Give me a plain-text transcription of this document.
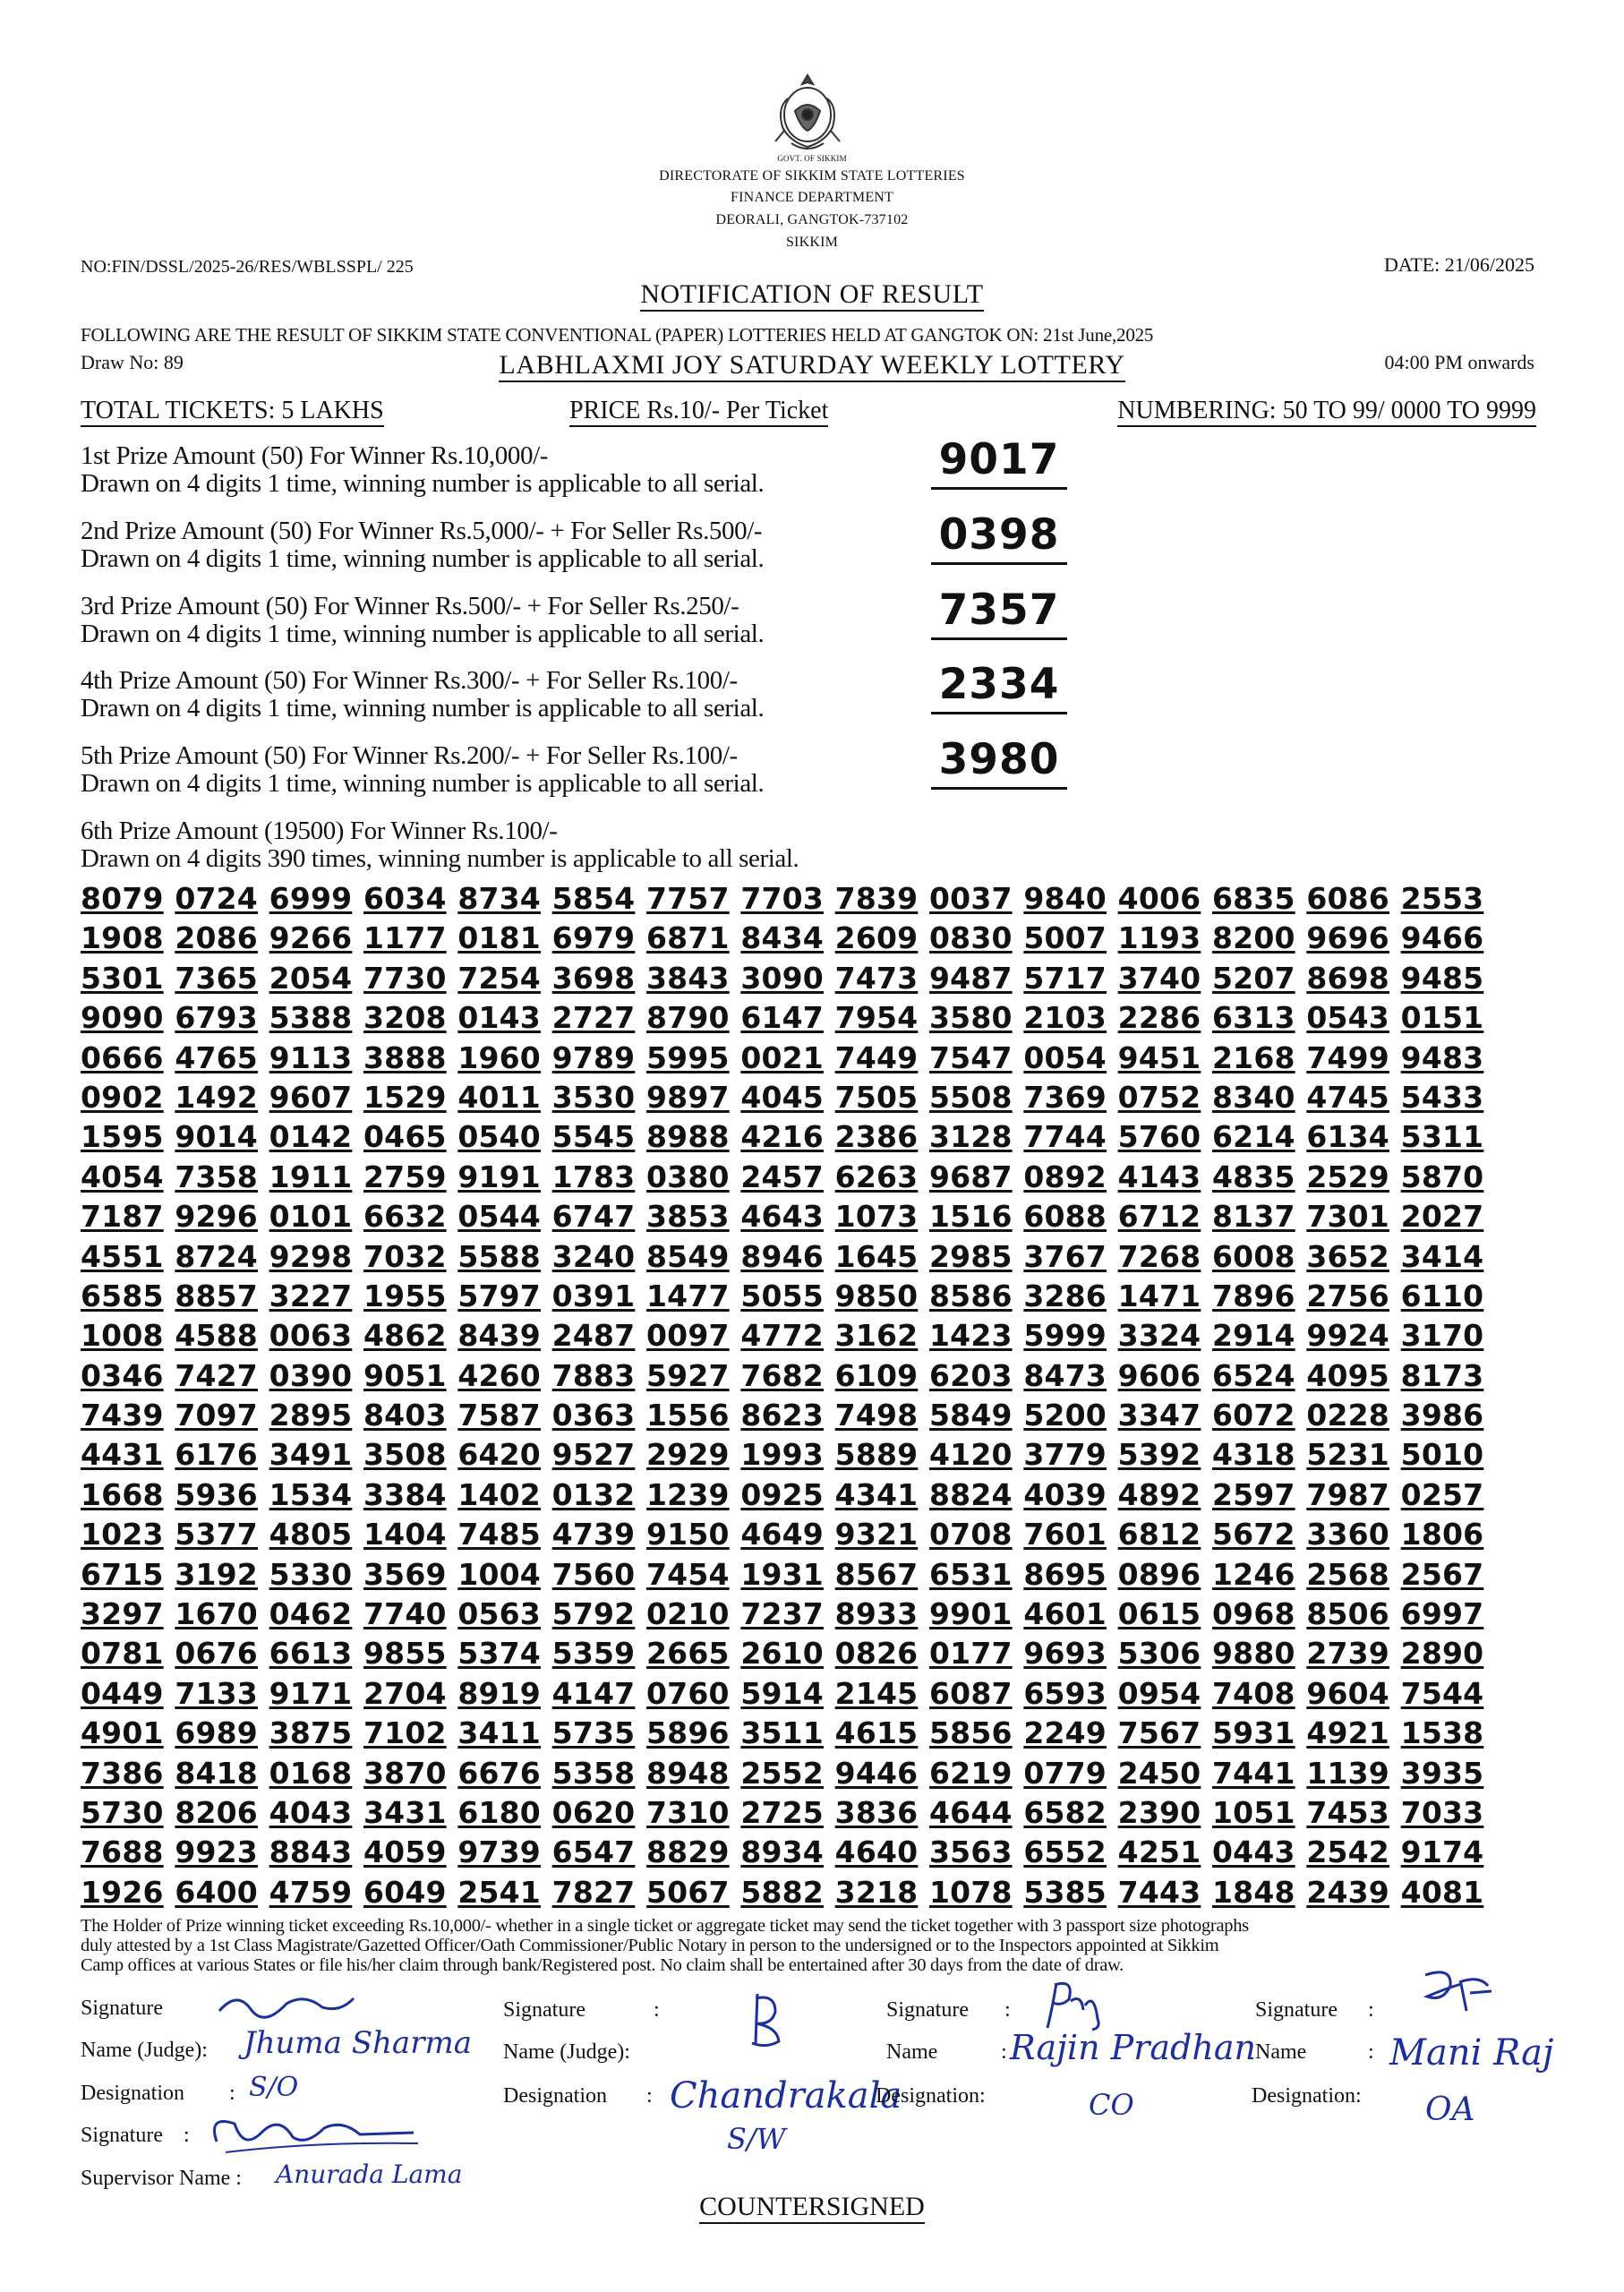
GOVT. OF SIKKIM
DIRECTORATE OF SIKKIM STATE LOTTERIES
FINANCE DEPARTMENT
DEORALI, GANGTOK-737102
SIKKIM
NO:FIN/DSSL/2025-26/RES/WBLSSPL/ 225	DATE: 21/06/2025
NOTIFICATION OF RESULT
FOLLOWING ARE THE RESULT OF SIKKIM STATE CONVENTIONAL (PAPER) LOTTERIES HELD AT GANGTOK ON: 21st June,2025
Draw No: 89	LABHLAXMI JOY SATURDAY WEEKLY LOTTERY	04:00 PM onwards
TOTAL TICKETS: 5 LAKHS	PRICE Rs.10/- Per Ticket	NUMBERING: 50 TO 99/ 0000 TO 9999
1st Prize Amount (50) For Winner Rs.10,000/-
Drawn on 4 digits 1 time, winning number is applicable to all serial.	9017
2nd Prize Amount (50) For Winner Rs.5,000/- + For Seller Rs.500/-
Drawn on 4 digits 1 time, winning number is applicable to all serial.	0398
3rd Prize Amount (50) For Winner Rs.500/- + For Seller Rs.250/-
Drawn on 4 digits 1 time, winning number is applicable to all serial.	7357
4th Prize Amount (50) For Winner Rs.300/- + For Seller Rs.100/-
Drawn on 4 digits 1 time, winning number is applicable to all serial.	2334
5th Prize Amount (50) For Winner Rs.200/- + For Seller Rs.100/-
Drawn on 4 digits 1 time, winning number is applicable to all serial.	3980
6th Prize Amount (19500) For Winner Rs.100/-
Drawn on 4 digits 390 times, winning number is applicable to all serial.
8079 0724 6999 6034 8734 5854 7757 7703 7839 0037 9840 4006 6835 6086 2553
1908 2086 9266 1177 0181 6979 6871 8434 2609 0830 5007 1193 8200 9696 9466
5301 7365 2054 7730 7254 3698 3843 3090 7473 9487 5717 3740 5207 8698 9485
9090 6793 5388 3208 0143 2727 8790 6147 7954 3580 2103 2286 6313 0543 0151
0666 4765 9113 3888 1960 9789 5995 0021 7449 7547 0054 9451 2168 7499 9483
0902 1492 9607 1529 4011 3530 9897 4045 7505 5508 7369 0752 8340 4745 5433
1595 9014 0142 0465 0540 5545 8988 4216 2386 3128 7744 5760 6214 6134 5311
4054 7358 1911 2759 9191 1783 0380 2457 6263 9687 0892 4143 4835 2529 5870
7187 9296 0101 6632 0544 6747 3853 4643 1073 1516 6088 6712 8137 7301 2027
4551 8724 9298 7032 5588 3240 8549 8946 1645 2985 3767 7268 6008 3652 3414
6585 8857 3227 1955 5797 0391 1477 5055 9850 8586 3286 1471 7896 2756 6110
1008 4588 0063 4862 8439 2487 0097 4772 3162 1423 5999 3324 2914 9924 3170
0346 7427 0390 9051 4260 7883 5927 7682 6109 6203 8473 9606 6524 4095 8173
7439 7097 2895 8403 7587 0363 1556 8623 7498 5849 5200 3347 6072 0228 3986
4431 6176 3491 3508 6420 9527 2929 1993 5889 4120 3779 5392 4318 5231 5010
1668 5936 1534 3384 1402 0132 1239 0925 4341 8824 4039 4892 2597 7987 0257
1023 5377 4805 1404 7485 4739 9150 4649 9321 0708 7601 6812 5672 3360 1806
6715 3192 5330 3569 1004 7560 7454 1931 8567 6531 8695 0896 1246 2568 2567
3297 1670 0462 7740 0563 5792 0210 7237 8933 9901 4601 0615 0968 8506 6997
0781 0676 6613 9855 5374 5359 2665 2610 0826 0177 9693 5306 9880 2739 2890
0449 7133 9171 2704 8919 4147 0760 5914 2145 6087 6593 0954 7408 9604 7544
4901 6989 3875 7102 3411 5735 5896 3511 4615 5856 2249 7567 5931 4921 1538
7386 8418 0168 3870 6676 5358 8948 2552 9446 6219 0779 2450 7441 1139 3935
5730 8206 4043 3431 6180 0620 7310 2725 3836 4644 6582 2390 1051 7453 7033
7688 9923 8843 4059 9739 6547 8829 8934 4640 3563 6552 4251 0443 2542 9174
1926 6400 4759 6049 2541 7827 5067 5882 3218 1078 5385 7443 1848 2439 4081
The Holder of Prize winning ticket exceeding Rs.10,000/- whether in a single ticket or aggregate ticket may send the ticket together with 3 passport size photographs
duly attested by a 1st Class Magistrate/Gazetted Officer/Oath Commissioner/Public Notary in person to the undersigned or to the Inspectors appointed at Sikkim
Camp offices at various States or file his/her claim through bank/Registered post. No claim shall be entertained after 30 days from the date of draw.
Signature
Name (Judge): Jhuma Sharma
Designation : S/O
Signature :
Supervisor Name : Anurada Lama
Signature	:
Name (Judge):
Designation : Chandrakala
S/W
Signature :
Name	: Rajin Pradhan
Designation:	CO
Signature :
Name	: Mani Raj
Designation: OA
COUNTERSIGNED
